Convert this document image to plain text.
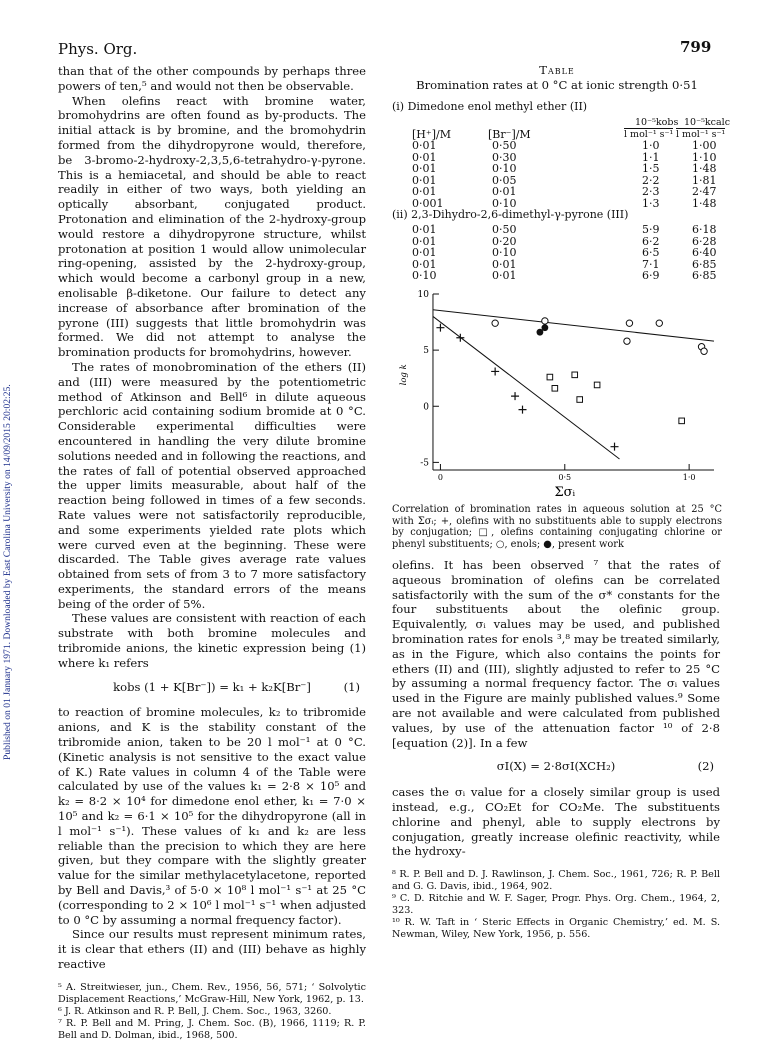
Phys. Org.	799
Published on 01 January 1971. Downloaded by East Carolina University on 14/09/2015 20:02:25.

than that of the other compounds by perhaps three powers of ten,⁵ and would not then be observable.

When olefins react with bromine water, bromohydrins are often found as by-products. The initial attack is by bromine, and the bromohydrin formed from the dihydropyrone would, therefore, be 3-bromo-2-hydroxy-2,3,5,6-tetrahydro-γ-pyrone. This is a hemiacetal, and should be able to react readily in either of two ways, both yielding an optically absorbant, conjugated product. Protonation and elimination of the 2-hydroxy-group would restore a dihydropyrone structure, whilst protonation at position 1 would allow unimolecular ring-opening, assisted by the 2-hydroxy-group, which would become a carbonyl group in a new, enolisable β-diketone. Our failure to detect any increase of absorbance after bromination of the pyrone (III) suggests that little bromohydrin was formed. We did not attempt to analyse the bromination products for bromohydrins, however.

The rates of monobromination of the ethers (II) and (III) were measured by the potentiometric method of Atkinson and Bell⁶ in dilute aqueous perchloric acid containing sodium bromide at 0 °C. Considerable experimental difficulties were encountered in handling the very dilute bromine solutions needed and in following the reactions, and the rates of fall of potential observed approached the upper limits measurable, about half of the reaction being followed in times of a few seconds. Rate values were not satisfactorily reproducible, and some experiments yielded rate plots which were curved even at the beginning. These were discarded. The Table gives average rate values obtained from sets of from 3 to 7 more satisfactory experiments, the standard errors of the means being of the order of 5%.

These values are consistent with reaction of each substrate with both bromine molecules and tribromide anions, the kinetic expression being (1) where k₁ refers

kobs (1 + K[Br⁻]) = k₁ + k₂K[Br⁻]	(1)

to reaction of bromine molecules, k₂ to tribromide anions, and K is the stability constant of the tribromide anion, taken to be 20 l mol⁻¹ at 0 °C. (Kinetic analysis is not sensitive to the exact value of K.) Rate values in column 4 of the Table were calculated by use of the values k₁ = 2·8 × 10⁵ and k₂ = 8·2 × 10⁴ for dimedone enol ether, k₁ = 7·0 × 10⁵ and k₂ = 6·1 × 10⁵ for the dihydropyrone (all in l mol⁻¹ s⁻¹). These values of k₁ and k₂ are less reliable than the precision to which they are here given, but they compare with the slightly greater value for the similar methylacetylacetone, reported by Bell and Davis,³ of 5·0 × 10⁸ l mol⁻¹ s⁻¹ at 25 °C (corresponding to 2 × 10⁶ l mol⁻¹ s⁻¹ when adjusted to 0 °C by assuming a normal frequency factor).

Since our results must represent minimum rates, it is clear that ethers (II) and (III) behave as highly reactive

⁵ A. Streitwieser, jun., Chem. Rev., 1956, 56, 571; ‘ Solvolytic Displacement Reactions,’ McGraw-Hill, New York, 1962, p. 13.

⁶ J. R. Atkinson and R. P. Bell, J. Chem. Soc., 1963, 3260.

⁷ R. P. Bell and M. Pring, J. Chem. Soc. (B), 1966, 1119; R. P. Bell and D. Dolman, ibid., 1968, 500.

Table
Bromination rates at 0 °C at ionic strength 0·51
(i) Dimedone enol methyl ether (II)
10⁻⁵kobs 10⁻⁵kcalc
[H⁺]/M	[Br⁻]/M	l mol⁻¹ s⁻¹ l mol⁻¹ s⁻¹
0·01	0·50	1·0	1·00
0·01	0·30	1·1	1·10
0·01	0·10	1·5	1·48
0·01	0·05	2·2	1·81
0·01	0·01	2·3	2·47
0·001	0·10	1·3	1·48
(ii) 2,3-Dihydro-2,6-dimethyl-γ-pyrone (III)
0·01	0·50	5·9	6·18
0·01	0·20	6·2	6·28
0·01	0·10	6·5	6·40
0·01	0·01	7·1	6·85
0·10	0·01	6·9	6·85
10
5
0
-5
0	0·5	1·0
log k
Σσᵢ
Correlation of bromination rates in aqueous solution at 25 °C with Σσᵢ; +, olefins with no substituents able to supply electrons by conjugation; □, olefins containing conjugating chlorine or phenyl substituents; ○, enols; ●, present work

olefins. It has been observed ⁷ that the rates of aqueous bromination of olefins can be correlated satisfactorily with the sum of the σ* constants for the four substituents about the olefinic group. Equivalently, σᵢ values may be used, and published bromination rates for enols ³,⁸ may be treated similarly, as in the Figure, which also contains the points for ethers (II) and (III), slightly adjusted to refer to 25 °C by assuming a normal frequency factor. The σᵢ values used in the Figure are mainly published values.⁹ Some are not available and were calculated from published values, by use of the attenuation factor ¹⁰ of 2·8 [equation (2)]. In a few

σI(X) = 2·8σI(XCH₂)	(2)

cases the σᵢ value for a closely similar group is used instead, e.g., CO₂Et for CO₂Me. The substituents chlorine and phenyl, able to supply electrons by conjugation, greatly increase olefinic reactivity, while the hydroxy-

⁸ R. P. Bell and D. J. Rawlinson, J. Chem. Soc., 1961, 726; R. P. Bell and G. G. Davis, ibid., 1964, 902.

⁹ C. D. Ritchie and W. F. Sager, Progr. Phys. Org. Chem., 1964, 2, 323.

¹⁰ R. W. Taft in ‘ Steric Effects in Organic Chemistry,’ ed. M. S. Newman, Wiley, New York, 1956, p. 556.
